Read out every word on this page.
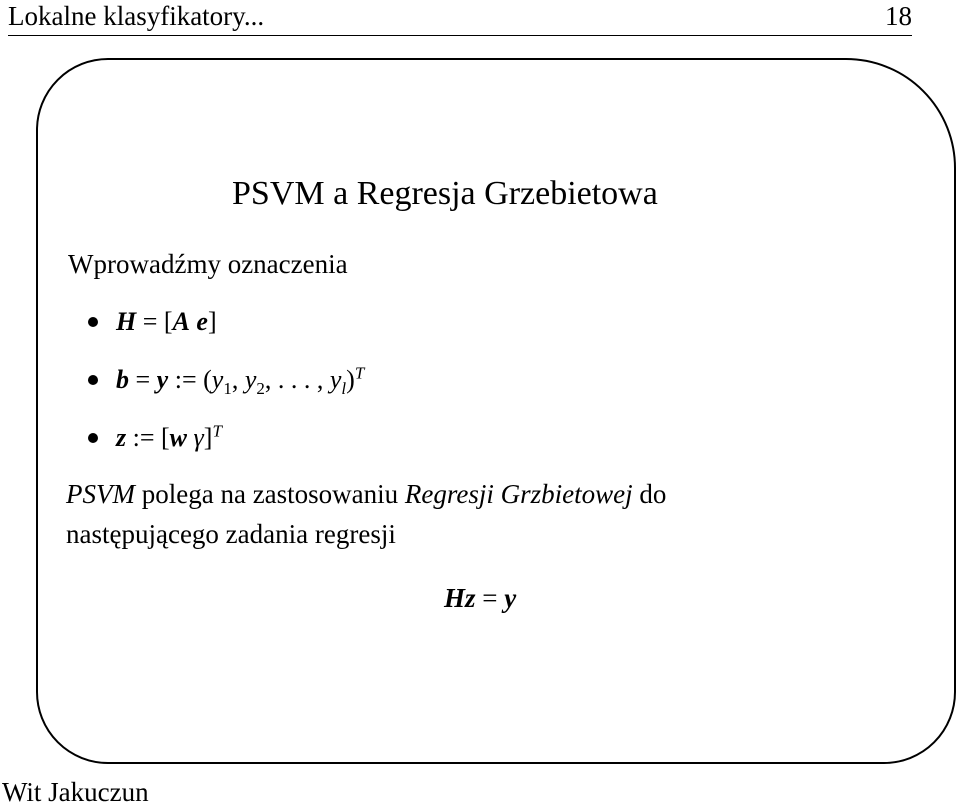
Lokalne klasyfikatory...	18
PSVM a Regresja Grzebietowa
Wprowadźmy oznaczenia
H = [A e]
b = y := ($y_1$, $y_2$, . . . , $y_l)^T$
z := [w γ]$^T$
PSVM polega na zastosowaniu Regresji Grzbietowej do
następującego zadania regresji
Hz = y
Wit Jakuczun
